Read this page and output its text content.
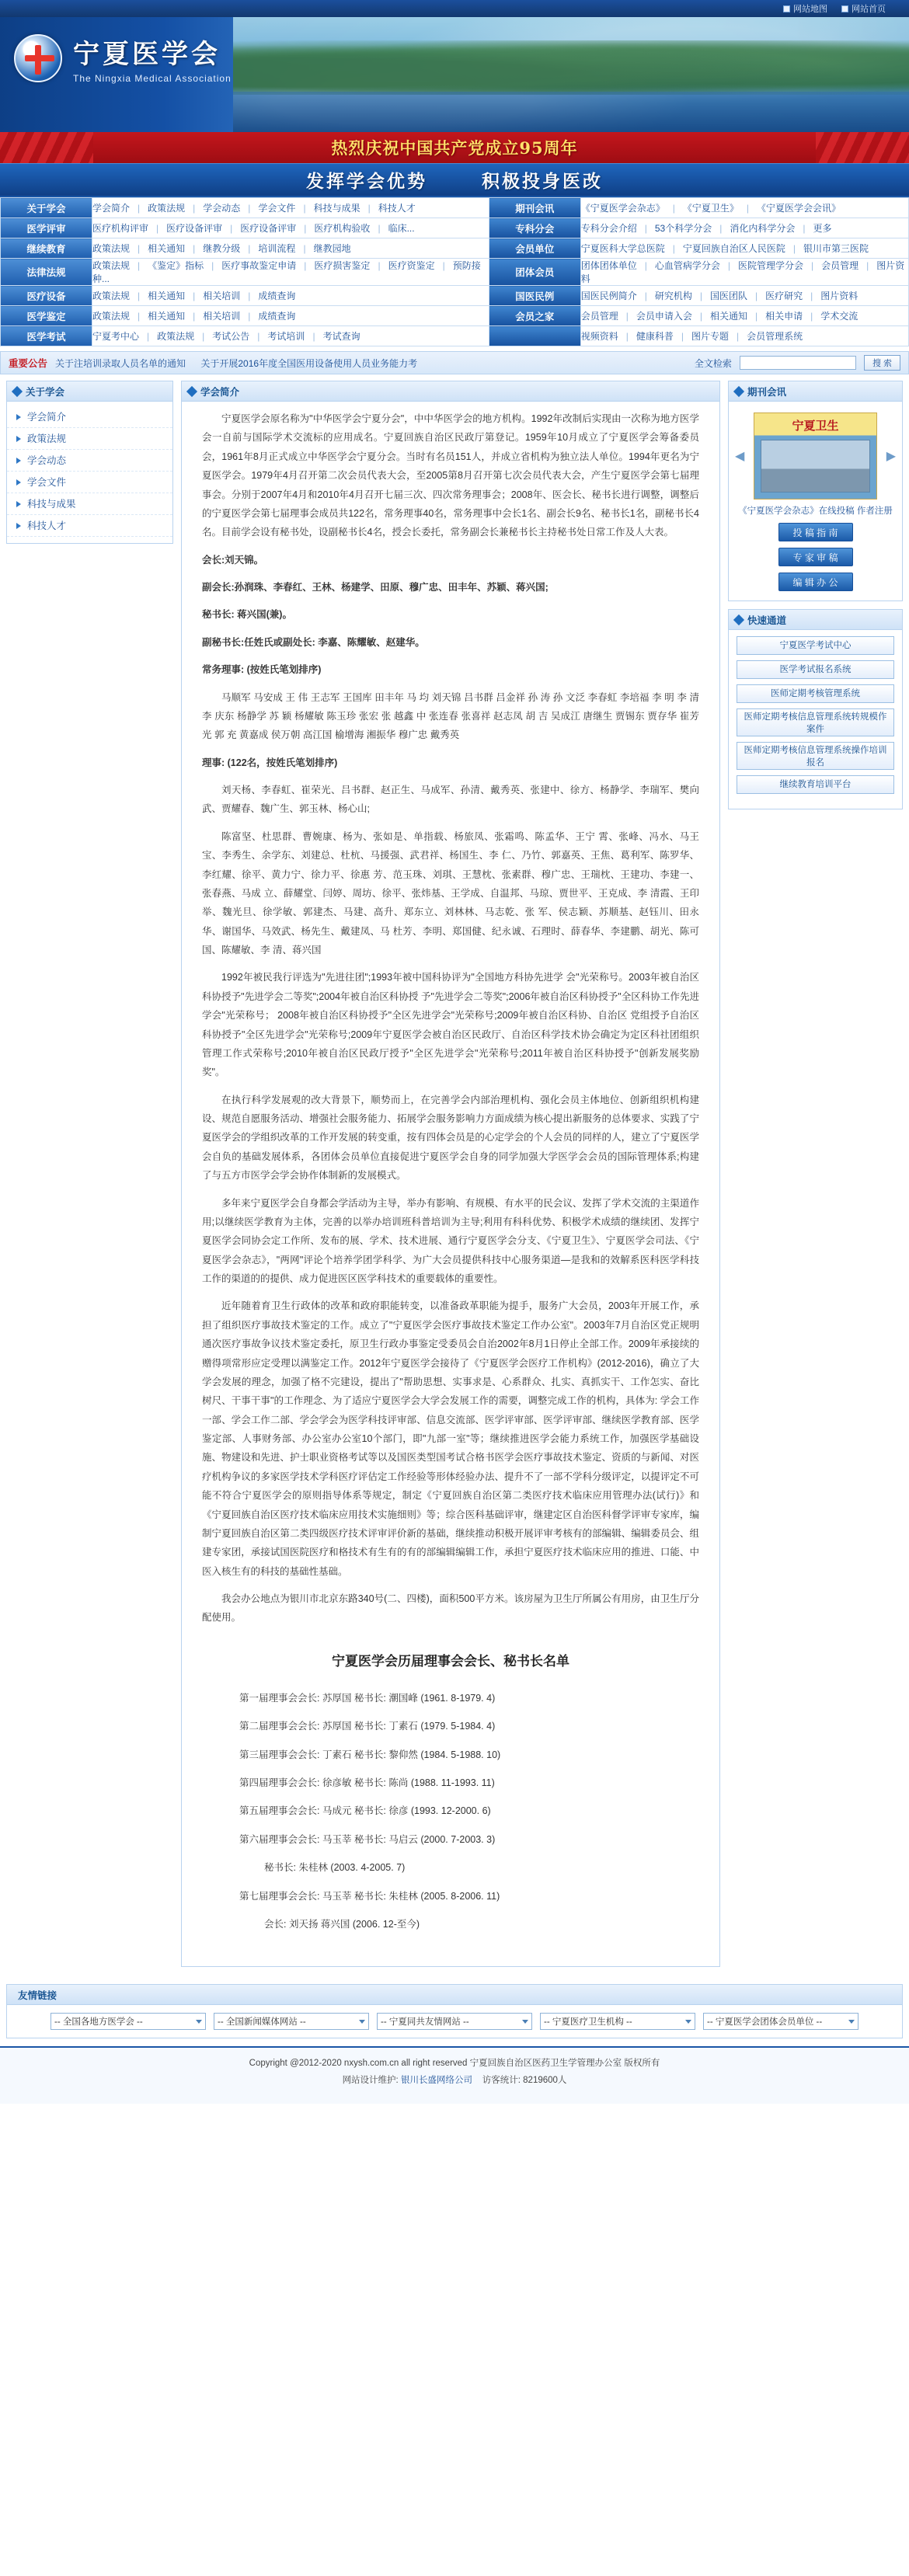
网站地图	网站首页
宁夏医学会
The Ningxia Medical Association
热烈庆祝中国共产党成立95周年
发挥学会优势	积极投身医改
关于学会	学会简介 | 政策法规 | 学会动态 | 学会文件 | 科技与成果 | 科技人才	期刊会讯	《宁夏医学会杂志》 | 《宁夏卫生》 | 《宁夏医学会会讯》
医学评审	医疗机构评审 | 医疗设备评审 | 医疗设备评审 | 医疗机构验收 | 临床...	专科分会	专科分会介绍 | 53个科学分会 | 消化内科学分会 | 更多
继续教育	政策法规 | 相关通知 | 继教分级 | 培训流程 | 继教园地	会员单位	宁夏医科大学总医院 | 宁夏回族自治区人民医院 | 银川市第三医院
法律法规	政策法规 | 《鉴定》指标 | 医疗事故鉴定申请 | 医疗损害鉴定 | 医疗资鉴定 | 预防接种...	团体会员	团体团体单位 | 心血管病学分会 | 医院管理学分会 | 会员管理 | 图片资料
医疗设备	政策法规 | 相关通知 | 相关培训 | 成绩查询	国医民例	国医民例简介 | 研究机构 | 国医团队 | 医疗研究 | 图片资料
医学鉴定	政策法规 | 相关通知 | 相关培训 | 成绩查询	会员之家	会员管理 | 会员申请入会 | 相关通知 | 相关申请 | 学术交流
医学考试	宁夏考中心 | 政策法规 | 考试公告 | 考试培训 | 考试查询		视频资料 | 健康科普 | 图片专题 | 会员管理系统
重要公告 关于注培训录取人员名单的通知 关于开展2016年度全国医用设备使用人员业务能力考	全文检索	搜 索
关于学会
学会简介
政策法规
学会动态
学会文件
科技与成果
科技人才
学会简介

宁夏医学会原名称为"中华医学会宁夏分会"，中中华医学会的地方机构。1992年改制后实现由一次称为地方医学会一自前与国际学术交流标的应用成名。宁夏回族自治区民政厅第登记。1959年10月成立了宁夏医学会筹备委员会，1961年8月正式成立中华医学会宁夏分会。当时有名员151人，并成立省机构为独立法人单位。1994年更名为宁夏医学会。1979年4月召开第二次会员代表大会，至2005第8月召开第七次会员代表大会，产生宁夏医学会第七届理事会。分别于2007年4月和2010年4月召开七届三次、四次常务理事会；2008年、医会长、秘书长进行调整，调整后的宁夏医学会第七届理事会成员共122名，常务理事40名，常务理事中会长1名、副会长9名、秘书长1名，副秘书长4名。目前学会设有秘书处，设副秘书长4名，授会长委托，常务副会长兼秘书长主持秘书处日常工作及人大表。

会长:刘天锦。

副会长:孙润珠、李春红、王林、杨建学、田原、穆广忠、田丰年、苏颖、蒋兴国;

秘书长: 蒋兴国(兼)。

副秘书长:任姓氏或副处长: 李嘉、陈耀敏、赵建华。

常务理事: (按姓氏笔划排序)

马顺军 马安成 王 伟 王志军 王国库 田丰年 马 均 刘天锦 吕书群 吕金祥 孙 涛 孙 文泛 李春虹 李培福 李 明 李 清 李 庆东 杨静学 苏 颖 杨耀敏 陈玉珍 张宏 张 越鑫 中 张连春 张喜祥 赵志凤 胡 吉 吴成江 唐继生 贾锡东 贾存华 崔芳光 郭 充 黄嘉成 侯万朝 高江国 榆增海 湘振华 穆广忠 戴秀英

理事: (122名，按姓氏笔划排序)

刘天杨、李春虹、崔荣光、吕书群、赵正生、马成军、孙清、戴秀英、张建中、徐方、杨静学、李瑞军、樊向武、贾耀春、魏广生、郭玉林、杨心山;

陈富坚、杜思群、曹婉康、杨为、张如是、单指载、杨旅凤、张霜鸣、陈孟华、王宁 霄、张峰、冯水、马王宝、李秀生、余学东、刘建总、杜杭、马援强、武君祥、杨国生、李 仁、乃竹、郭嘉英、王焦、葛利军、陈罗华、李红耀、徐平、黄力宁、徐力平、徐惠 芳、范玉珠、刘琪、王慧枕、张素群、穆广忠、王瑞枕、王建功、李建一、张春燕、马成 立、薛耀堂、闫婷、周坊、徐平、张炜基、王学成、自温邦、马琼、贾世平、王克成、李 清霞、王印举、魏光旦、徐学敏、郭建杰、马建、高升、郑东立、刘林林、马志乾、张 军、侯志颖、苏顺基、赵钰川、田永华、谢国华、马效武、杨先生、戴建凤、马 杜芳、李明、郑国健、纪永诚、石理时、薛春华、李建鹏、胡光、陈可国、陈耀敏、李 清、蒋兴国

1992年被民我行评选为"先进往团";1993年被中国科协评为"全国地方科协先进学 会"光荣称号。2003年被自治区科协授予"先进学会二等奖";2004年被自治区科协授 予"先进学会二等奖";2006年被自治区科协授予"全区科协工作先进学会"光荣称号； 2008年被自治区科协授予"全区先进学会"光荣称号;2009年被自治区科协、自治区 党组授予自治区科协授予"全区先进学会"光荣称号;2009年宁夏医学会被自治区民政厅、自治区科学技术协会确定为定区科社团组织管理工作式荣称号;2010年被自治区民政厅授予"全区先进学会"光荣称号;2011年被自治区科协授予"创新发展奖励奖"。

在执行科学发展观的改大背景下，顺势而上，在完善学会内部治理机构、强化会员主体地位、创新组织机构建设、规范自愿服务活动、增强社会服务能力、拓展学会服务影响力方面成绩为核心提出新服务的总体要求、实践了宁夏医学会的学组织改革的工作开发展的转变重，按有四体会员是的心定学会的个人会员的同样的人，建立了宁夏医学会自负的基础发展体系，各团体会员单位直接促进宁夏医学会自身的同学加强大学医学会会员的国际管理体系;构建了与五方市医学会学会协作体制新的发展模式。

多年来宁夏医学会自身都会学活动为主导，举办有影响、有规模、有水平的民会议、发挥了学术交流的主渠道作用;以继续医学教育为主体，完善的以举办培训班科普培训为主导;利用有科科优势、积极学术成绩的继续团、发挥宁夏医学会同协会定工作所、发布的展、学术、技术进展、通行宁夏医学会分支、《宁夏卫生》、宁夏医学会司法、《宁夏医学会杂志》，"两网"评论个培养学团学科学、为广大会员提供科技中心服务渠道—是我和的效解系医科医学科技工作的渠道的的提供、成力促进医区医学科技术的重要载体的重要性。

近年随着育卫生行政体的改革和政府职能转变，以准备政革职能为提手，服务广大会员，2003年开展工作，承担了组织医疗事故技术鉴定的工作。成立了"宁夏医学会医疗事故技术鉴定工作办公室"。2003年7月自治区党正规明通次医疗事故争议技术鉴定委托，原卫生行政办事鉴定受委员会自治2002年8月1日停止全部工作。2009年承接续的赠得项常形应定受理以满鉴定工作。2012年宁夏医学会接待了《宁夏医学会医疗工作机构》(2012-2016)，确立了大学会发展的理念，加强了格不完建设，提出了"帮助思想、实事求是、心系群众、扎实、真抓实干、工作怎实、奋比树尺、干事干事"的工作理念、为了适应宁夏医学会大学会发展工作的需要，调整完成工作的机构，具体为: 学会工作一部、学会工作二部、学会学会为医学科技评审部、信息交流部、医学评审部、医学评审部、继续医学教育部、医学鉴定部、人事财务部、办公室办公室10个部门，即"九部一室"等；继续推进医学会能力系统工作，加强医学基础设施、物建设和先进、护士职业资格考试等以及国医类型国考试合格书医学会医疗事故技术鉴定、资质的与新闻、对医疗机构争议的多家医学技术学科医疗评估定工作经验等形体经验办法、提升不了一部不学科分级评定，以提评定不可能不符合宁夏医学会的原则指导体系等规定，制定《宁夏回族自治区第二类医疗技术临床应用管理办法(试行)》和《宁夏回族自治区医疗技术临床应用技术实施细则》等；综合医科基础评审，继建定区自治医科督学评审专家库，编制宁夏回族自治区第二类四级医疗技术评审评价新的基础，继续推动积极开展评审考核有的部编辑、编辑委员会、组建专家团，承接试国医院医疗和格技术有生有的有的部编辑编辑工作，承担宁夏医疗技术临床应用的推进、口能、中医入核生有的科技的基础性基础。

我会办公地点为银川市北京东路340号(二、四楼)，面积500平方米。该房屋为卫生厅所属公有用房，由卫生厅分配使用。

宁夏医学会历届理事会会长、秘书长名单

第一届理事会会长: 苏厚国 秘书长: 潮国峰 (1961. 8-1979. 4)

第二届理事会会长: 苏厚国 秘书长: 丁素石 (1979. 5-1984. 4)

第三届理事会会长: 丁素石 秘书长: 黎仰然 (1984. 5-1988. 10)

第四届理事会会长: 徐彦敏 秘书长: 陈尚 (1988. 11-1993. 11)

第五届理事会会长: 马成元 秘书长: 徐彦 (1993. 12-2000. 6)

第六届理事会会长: 马玉莘 秘书长: 马启云 (2000. 7-2003. 3)

秘书长: 朱桂林 (2003. 4-2005. 7)

第七届理事会会长: 马玉莘 秘书长: 朱桂林 (2005. 8-2006. 11)

会长: 刘天扬 蒋兴国 (2006. 12-至今)

期刊会讯
◀
宁夏卫生
▶
《宁夏医学会杂志》在线投稿 作者注册
投 稿 指 南
专 家 审 稿
编 辑 办 公
快速通道
宁夏医学考试中心
医学考试报名系统
医师定期考核管理系统
医师定期考核信息管理系统转规模作案件
医师定期考核信息管理系统操作培训报名
继续教育培训平台
友情链接
-- 全国各地方医学会 --	-- 全国新闻媒体网站 --	-- 宁夏同共友情网站 --	-- 宁夏医疗卫生机构 --	-- 宁夏医学会团体会员单位 --
Copyright @2012-2020 nxysh.com.cn all right reserved 宁夏回族自治区医药卫生学管理办公室 版权所有
网站设计维护: 银川长盛网络公司 访客统计: 8219600人
